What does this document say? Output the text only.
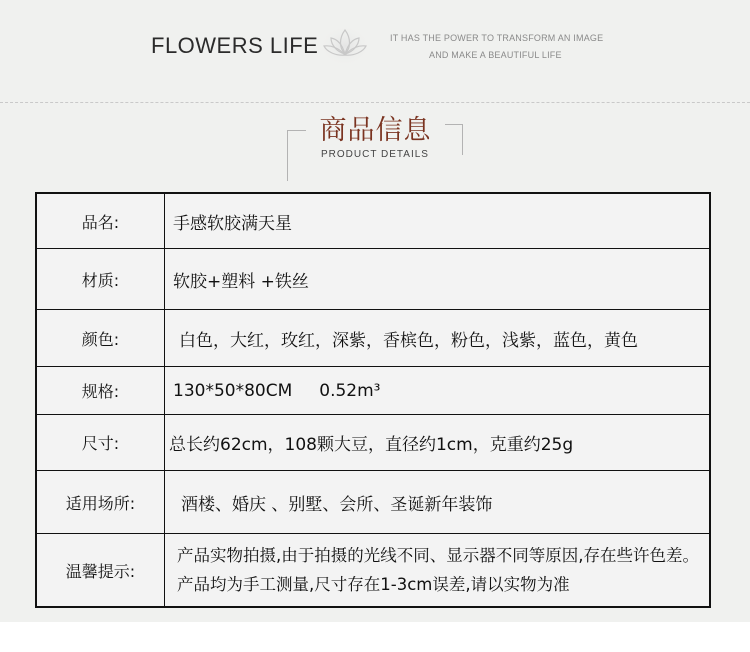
FLOWERS LIFE	IT HAS THE POWER TO TRANSFORM AN IMAGE
AND MAKE A BEAUTIFUL LIFE
商品信息
PRODUCT DETAILS
品名:	手感软胶满天星
材质:	软胶+塑料 +铁丝
颜色:	白色，大红，玫红，深紫，香槟色，粉色，浅紫，蓝色，黄色
规格:	130*50*80CM     0.52m³
尺寸:	总长约62cm，108颗大豆，直径约1cm，克重约25g
适用场所:	酒楼、婚庆 、别墅、会所、圣诞新年装饰
温馨提示:
产品实物拍摄,由于拍摄的光线不同、显示器不同等原因,存在些许色差。产品均为手工测量,尺寸存在1-3cm误差,请以实物为准
